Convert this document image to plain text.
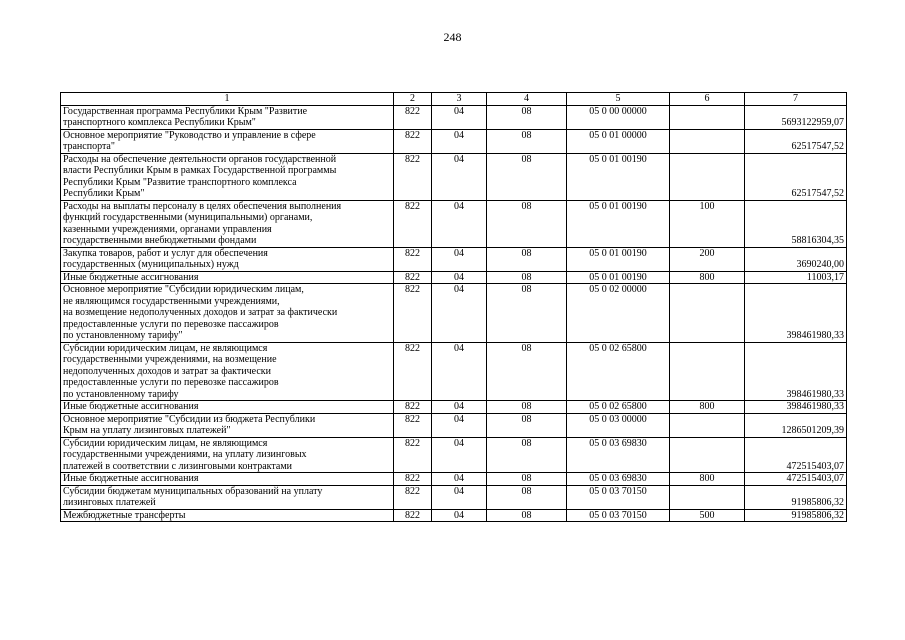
248
1	2	3	4	5	6	7
Государственная программа Республики Крым "Развитие
транспортного комплекса Республики Крым"	822	04	08	05 0 00 00000		5693122959,07
Основное мероприятие "Руководство и управление в сфере
транспорта"	822	04	08	05 0 01 00000		62517547,52
Расходы на обеспечение деятельности органов государственной
власти Республики Крым в рамках Государственной программы
Республики Крым "Развитие транспортного комплекса
Республики Крым"	822	04	08	05 0 01 00190		62517547,52
Расходы на выплаты персоналу в целях обеспечения выполнения
функций государственными (муниципальными) органами,
казенными учреждениями, органами управления
государственными внебюджетными фондами	822	04	08	05 0 01 00190	100	58816304,35
Закупка товаров, работ и услуг для обеспечения
государственных (муниципальных) нужд	822	04	08	05 0 01 00190	200	3690240,00
Иные бюджетные ассигнования	822	04	08	05 0 01 00190	800	11003,17
Основное мероприятие "Субсидии юридическим лицам,
не являющимся государственными учреждениями,
на возмещение недополученных доходов и затрат за фактически
предоставленные услуги по перевозке пассажиров
по установленному тарифу"	822	04	08	05 0 02 00000		398461980,33
Субсидии юридическим лицам, не являющимся
государственными учреждениями, на возмещение
недополученных доходов и затрат за фактически
предоставленные услуги по перевозке пассажиров
по установленному тарифу	822	04	08	05 0 02 65800		398461980,33
Иные бюджетные ассигнования	822	04	08	05 0 02 65800	800	398461980,33
Основное мероприятие "Субсидии из бюджета Республики
Крым на уплату лизинговых платежей"	822	04	08	05 0 03 00000		1286501209,39
Субсидии юридическим лицам, не являющимся
государственными учреждениями, на уплату лизинговых
платежей в соответствии с лизинговыми контрактами	822	04	08	05 0 03 69830		472515403,07
Иные бюджетные ассигнования	822	04	08	05 0 03 69830	800	472515403,07
Субсидии бюджетам муниципальных образований на уплату
лизинговых платежей	822	04	08	05 0 03 70150		91985806,32
Межбюджетные трансферты	822	04	08	05 0 03 70150	500	91985806,32
